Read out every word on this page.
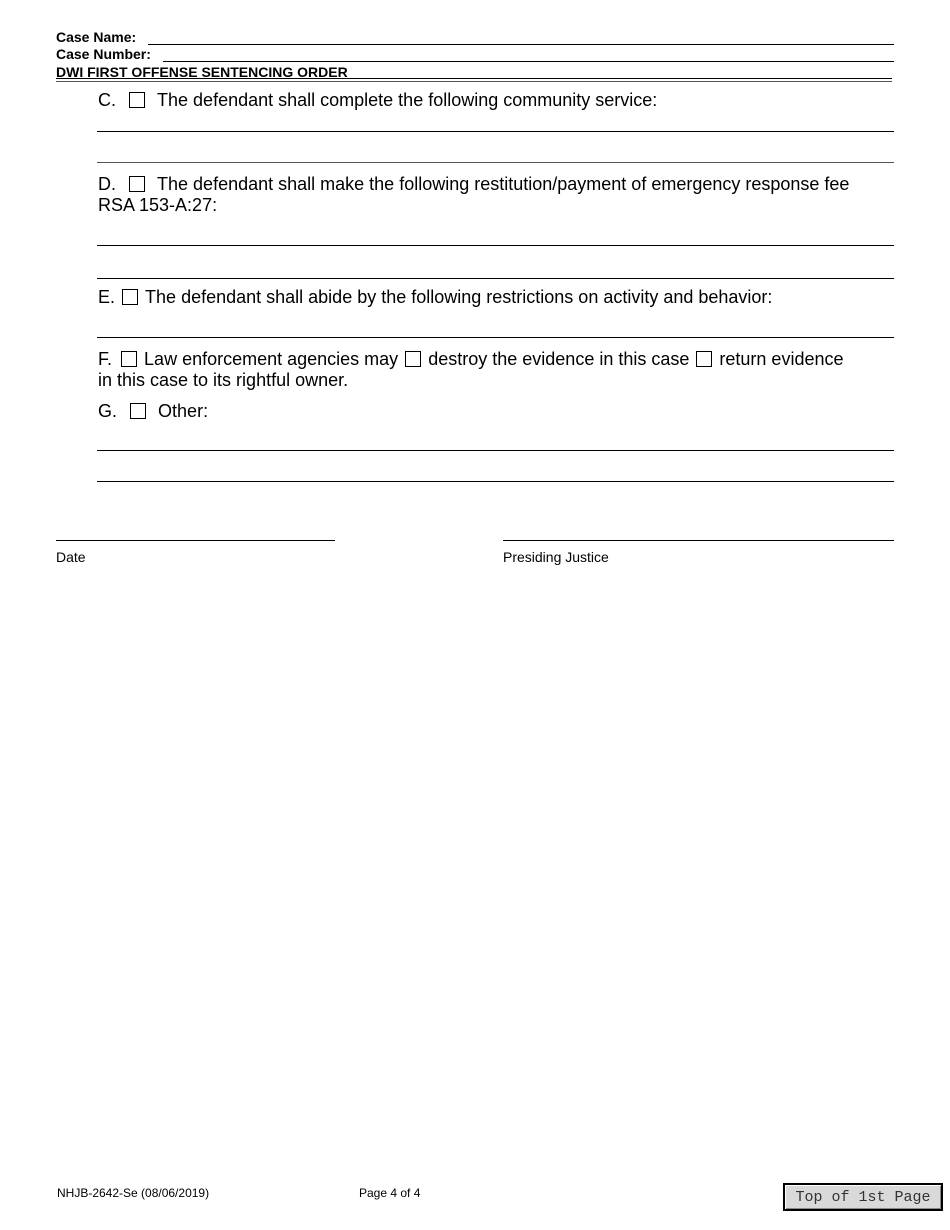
Case Name:
Case Number:
DWI FIRST OFFENSE SENTENCING ORDER
C. The defendant shall complete the following community service:
D. The defendant shall make the following restitution/payment of emergency response fee
RSA 153-A:27:
E. The defendant shall abide by the following restrictions on activity and behavior:
F. Law enforcement agencies may destroy the evidence in this case return evidence
in this case to its rightful owner.
G. Other:
Date	Presiding Justice
NHJB-2642-Se (08/06/2019)	Page 4 of 4	Top of 1st Page
